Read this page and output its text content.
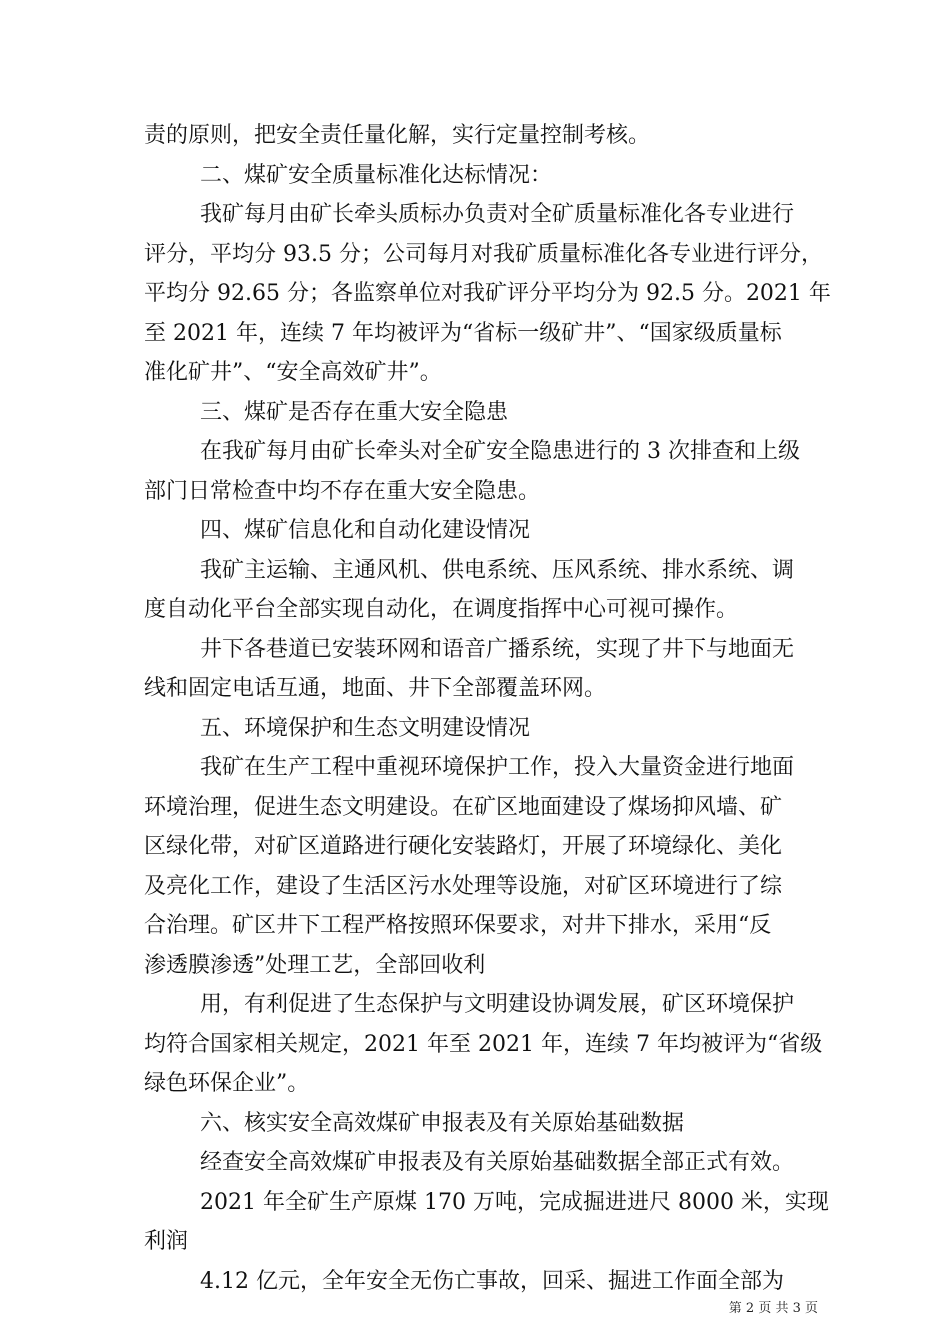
责的原则，把安全责任量化解，实行定量控制考核。
二、煤矿安全质量标准化达标情况：
我矿每月由矿长牵头质标办负责对全矿质量标准化各专业进行
评分，平均分 93.5 分；公司每月对我矿质量标准化各专业进行评分，
平均分 92.65 分；各监察单位对我矿评分平均分为 92.5 分。2021 年
至 2021 年，连续 7 年均被评为“省标一级矿井”、“国家级质量标
准化矿井”、“安全高效矿井”。
三、煤矿是否存在重大安全隐患
在我矿每月由矿长牵头对全矿安全隐患进行的 3 次排查和上级
部门日常检查中均不存在重大安全隐患。
四、煤矿信息化和自动化建设情况
我矿主运输、主通风机、供电系统、压风系统、排水系统、调
度自动化平台全部实现自动化，在调度指挥中心可视可操作。
井下各巷道已安装环网和语音广播系统，实现了井下与地面无
线和固定电话互通，地面、井下全部覆盖环网。
五、环境保护和生态文明建设情况
我矿在生产工程中重视环境保护工作，投入大量资金进行地面
环境治理，促进生态文明建设。在矿区地面建设了煤场抑风墙、矿
区绿化带，对矿区道路进行硬化安装路灯，开展了环境绿化、美化
及亮化工作，建设了生活区污水处理等设施，对矿区环境进行了综
合治理。矿区井下工程严格按照环保要求，对井下排水，采用“反
渗透膜渗透”处理工艺，全部回收利
用，有利促进了生态保护与文明建设协调发展，矿区环境保护
均符合国家相关规定，2021 年至 2021 年，连续 7 年均被评为“省级
绿色环保企业”。
六、核实安全高效煤矿申报表及有关原始基础数据
经查安全高效煤矿申报表及有关原始基础数据全部正式有效。
2021 年全矿生产原煤 170 万吨，完成掘进进尺 8000 米，实现
利润
4.12 亿元，全年安全无伤亡事故，回采、掘进工作面全部为
第 2 页 共 3 页
